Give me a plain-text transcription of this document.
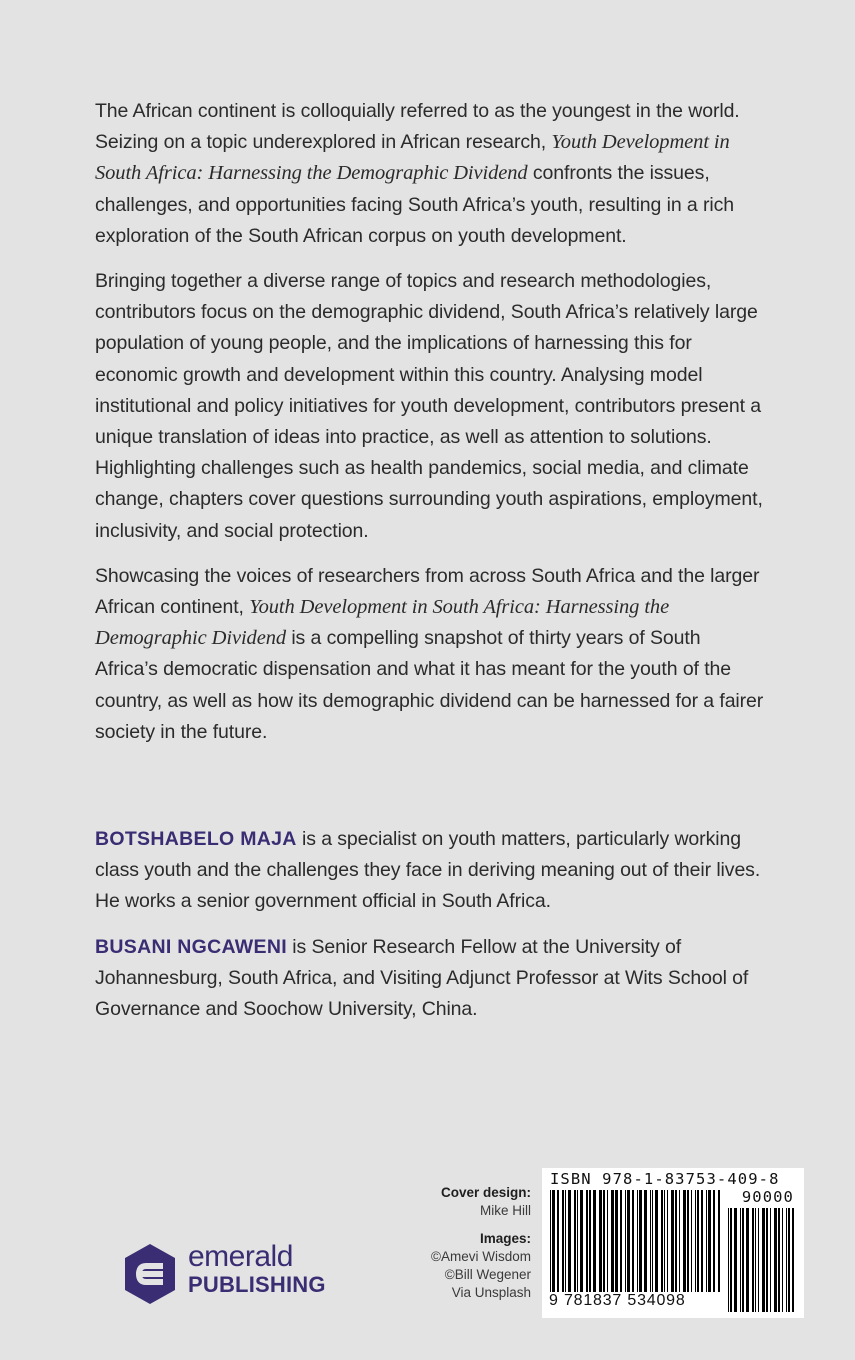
The African continent is colloquially referred to as the youngest in the world. Seizing on a topic underexplored in African research, Youth Development in South Africa: Harnessing the Demographic Dividend confronts the issues, challenges, and opportunities facing South Africa’s youth, resulting in a rich exploration of the South African corpus on youth development.

Bringing together a diverse range of topics and research methodologies, contributors focus on the demographic dividend, South Africa’s relatively large population of young people, and the implications of harnessing this for economic growth and development within this country. Analysing model institutional and policy initiatives for youth development, contributors present a unique translation of ideas into practice, as well as attention to solutions. Highlighting challenges such as health pandemics, social media, and climate change, chapters cover questions surrounding youth aspirations, employment, inclusivity, and social protection.

Showcasing the voices of researchers from across South Africa and the larger African continent, Youth Development in South Africa: Harnessing the Demographic Dividend is a compelling snapshot of thirty years of South Africa’s democratic dispensation and what it has meant for the youth of the country, as well as how its demographic dividend can be harnessed for a fairer society in the future.

BOTSHABELO MAJA is a specialist on youth matters, particularly working class youth and the challenges they face in deriving meaning out of their lives. He works a senior government official in South Africa.

BUSANI NGCAWENI is Senior Research Fellow at the University of Johannesburg, South Africa, and Visiting Adjunct Professor at Wits School of Governance and Soochow University, China.

emerald
PUBLISHING
Cover design:
Mike Hill
Images:
©Amevi Wisdom
©Bill Wegener
Via Unsplash
ISBN 978-1-83753-409-8
90000
9 781837 534098
